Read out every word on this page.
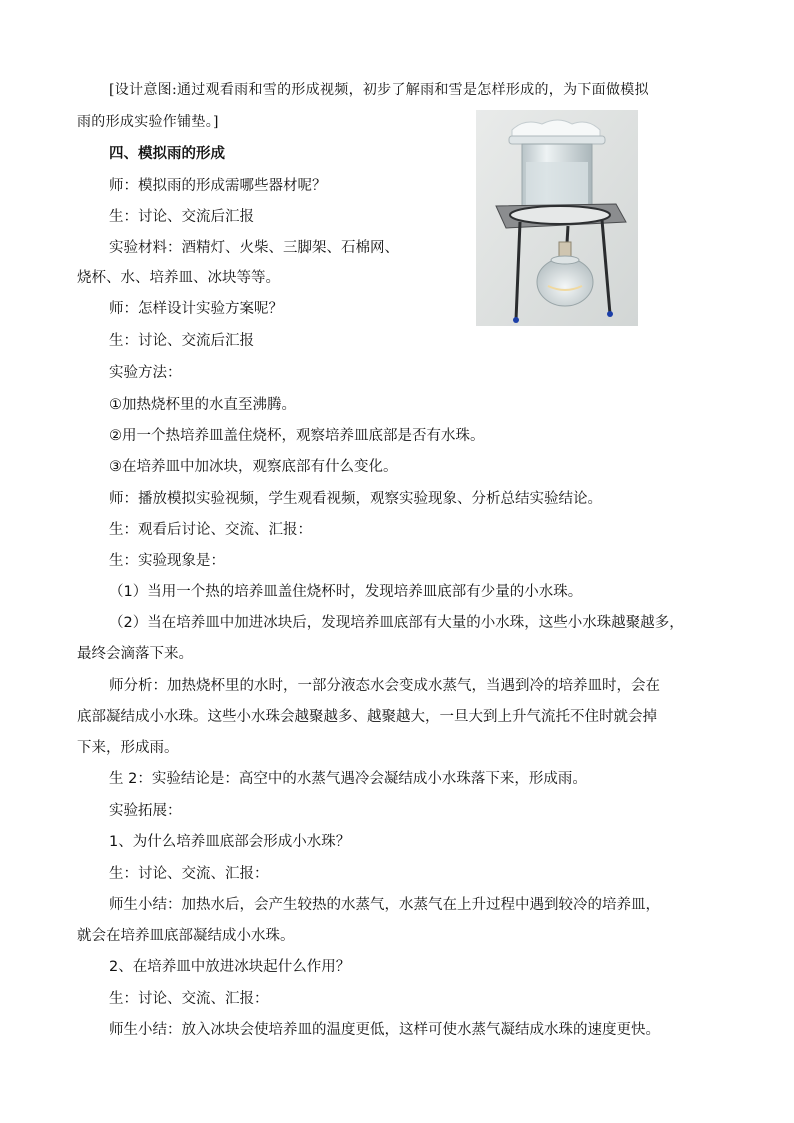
[设计意图:通过观看雨和雪的形成视频，初步了解雨和雪是怎样形成的，为下面做模拟
雨的形成实验作铺垫。]
四、模拟雨的形成
师：模拟雨的形成需哪些器材呢？
生：讨论、交流后汇报
实验材料：酒精灯、火柴、三脚架、石棉网、
烧杯、水、培养皿、冰块等等。
师：怎样设计实验方案呢？
生：讨论、交流后汇报
实验方法：
①加热烧杯里的水直至沸腾。
②用一个热培养皿盖住烧杯，观察培养皿底部是否有水珠。
③在培养皿中加冰块，观察底部有什么变化。
师：播放模拟实验视频，学生观看视频，观察实验现象、分析总结实验结论。
生：观看后讨论、交流、汇报：
生：实验现象是：
（1）当用一个热的培养皿盖住烧杯时，发现培养皿底部有少量的小水珠。
（2）当在培养皿中加进冰块后，发现培养皿底部有大量的小水珠，这些小水珠越聚越多，
最终会滴落下来。
师分析：加热烧杯里的水时，一部分液态水会变成水蒸气，当遇到冷的培养皿时，会在
底部凝结成小水珠。这些小水珠会越聚越多、越聚越大，一旦大到上升气流托不住时就会掉
下来，形成雨。
生 2：实验结论是：高空中的水蒸气遇冷会凝结成小水珠落下来，形成雨。
实验拓展：
1、为什么培养皿底部会形成小水珠？
生：讨论、交流、汇报：
师生小结：加热水后，会产生较热的水蒸气，水蒸气在上升过程中遇到较冷的培养皿，
就会在培养皿底部凝结成小水珠。
2、在培养皿中放进冰块起什么作用？
生：讨论、交流、汇报：
师生小结：放入冰块会使培养皿的温度更低，这样可使水蒸气凝结成水珠的速度更快。
